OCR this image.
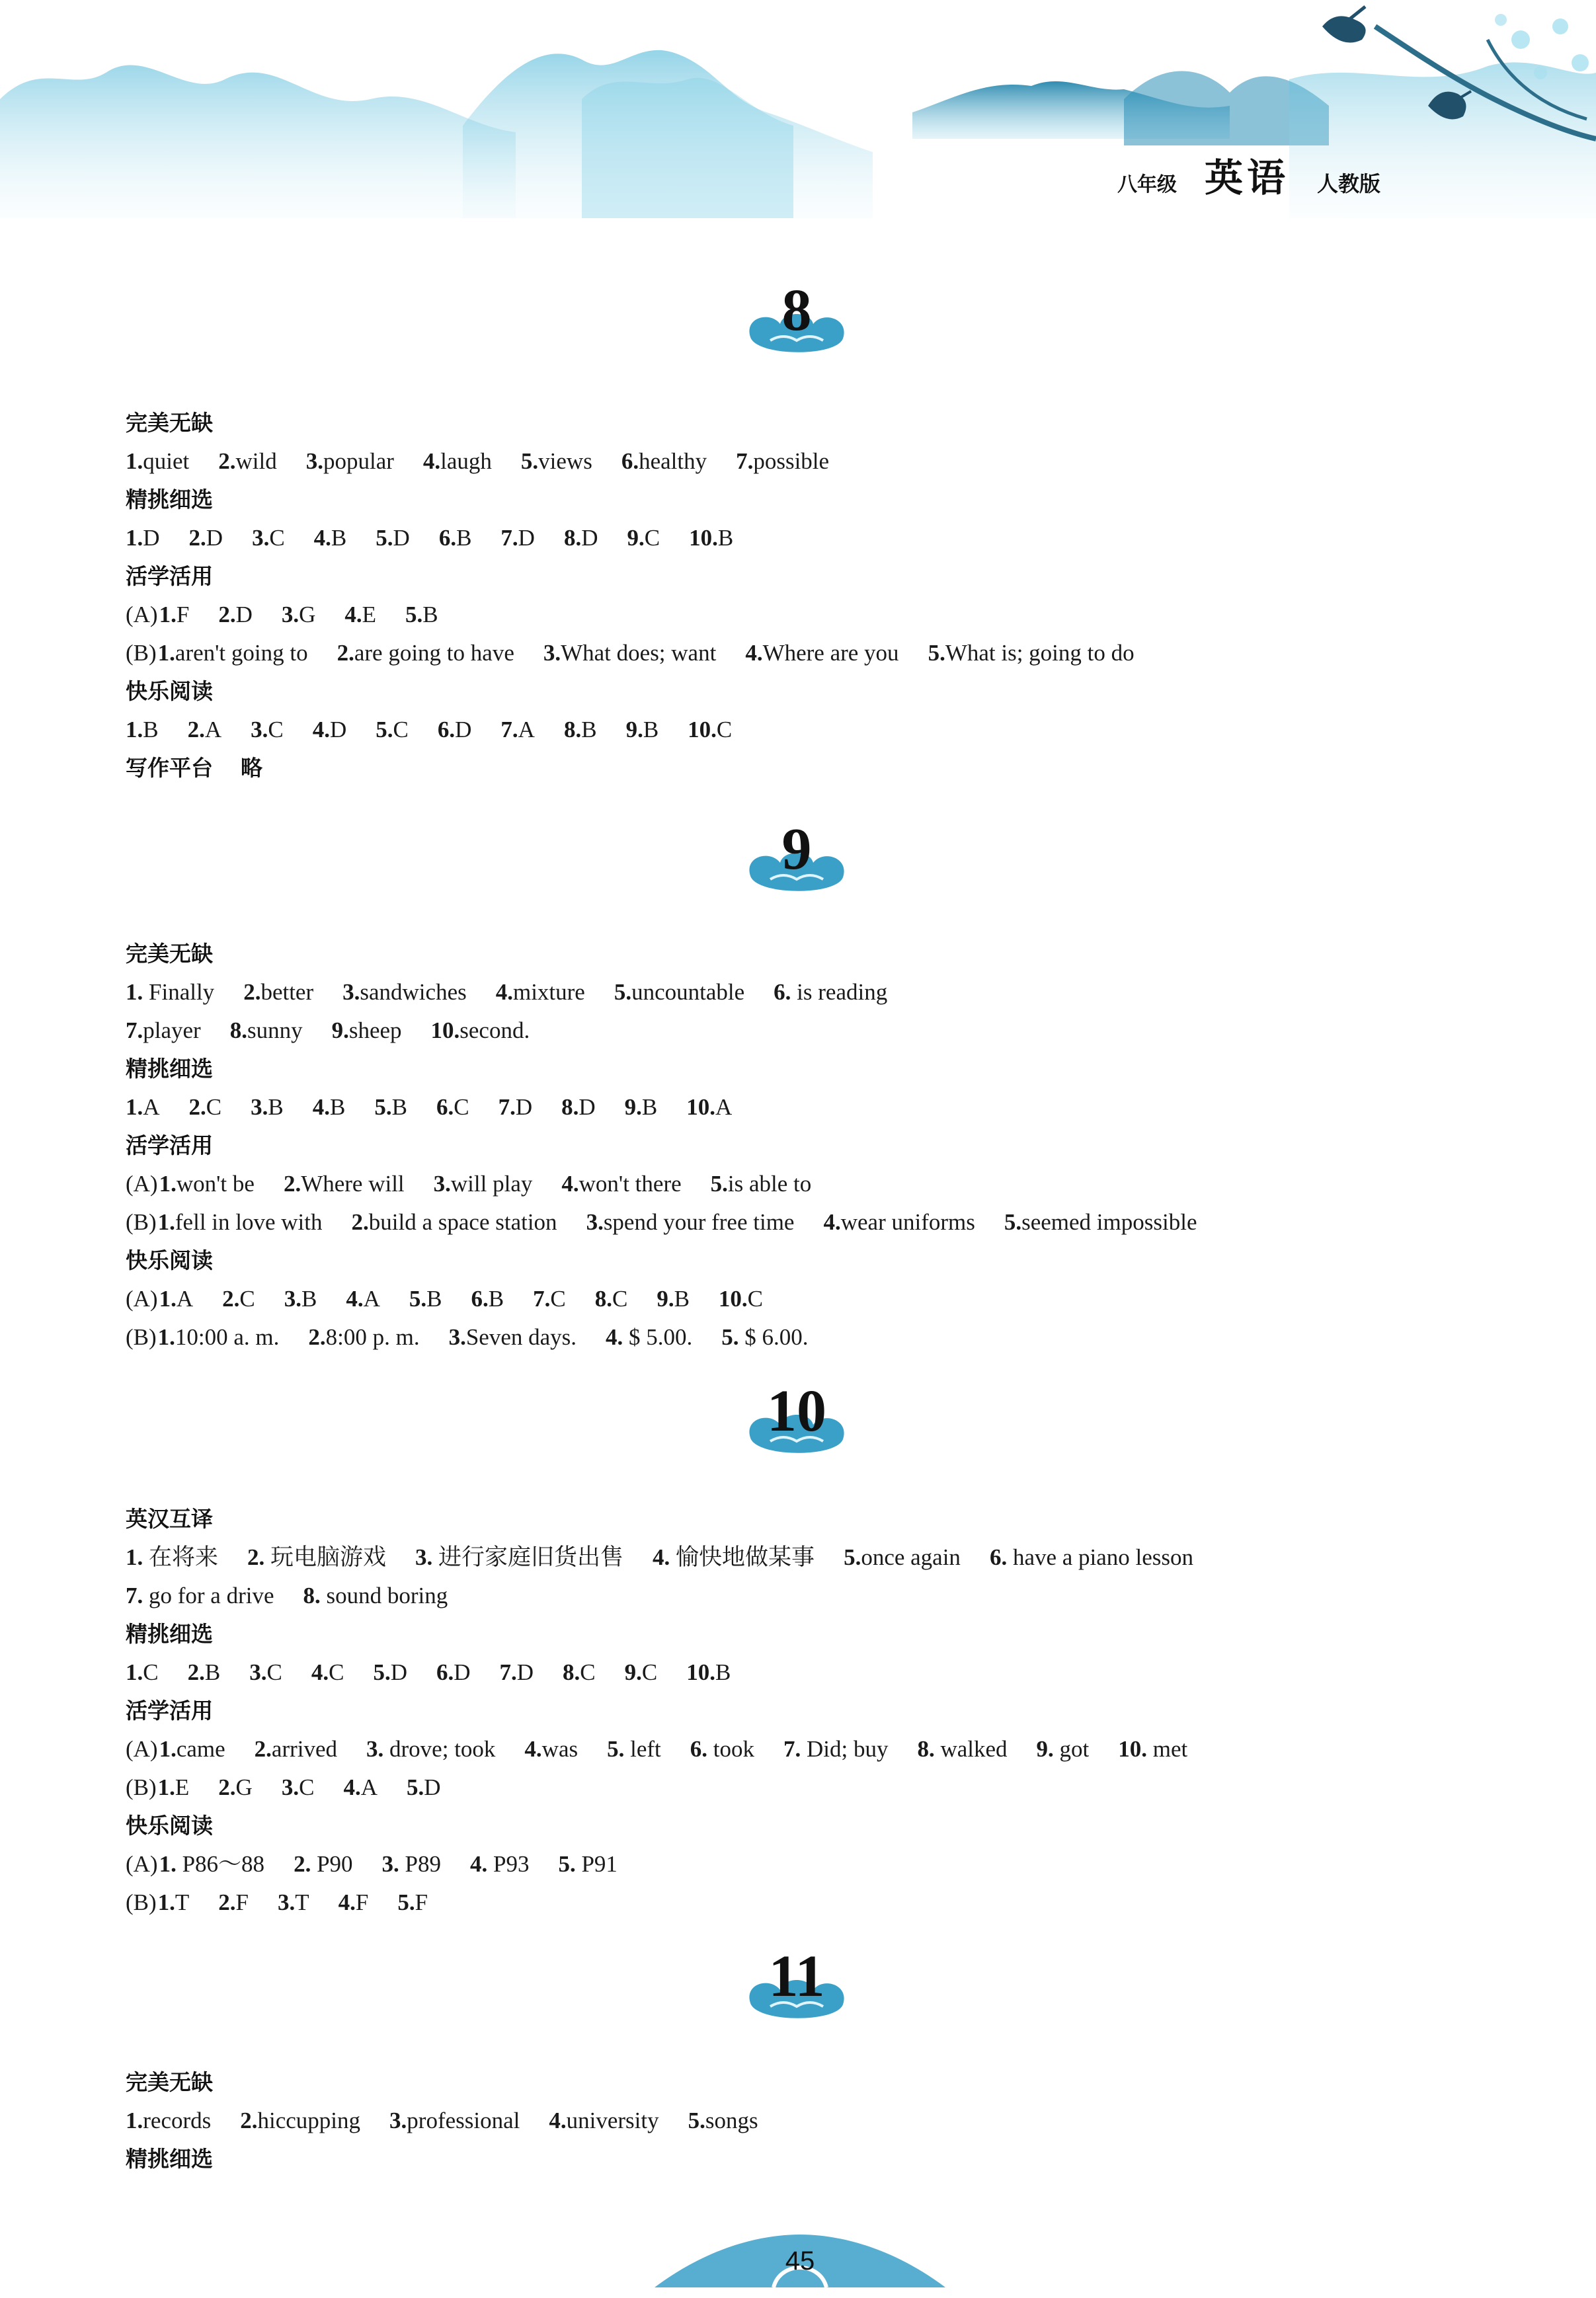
八年级 英语 人教版
8
9
10
11
完美无缺
1.quiet 2.wild 3.popular 4.laugh 5.views 6.healthy 7.possible
精挑细选
1.D 2.D 3.C 4.B 5.D 6.B 7.D 8.D 9.C 10.B
活学活用
(A) 1.F 2.D 3.G 4.E 5.B
(B) 1.aren't going to 2.are going to have 3.What does; want 4.Where are you 5.What is; going to do
快乐阅读
1.B 2.A 3.C 4.D 5.C 6.D 7.A 8.B 9.B 10.C
写作平台 略
完美无缺
1. Finally 2.better 3.sandwiches 4.mixture 5.uncountable 6. is reading
7.player 8.sunny 9.sheep 10.second.
精挑细选
1.A 2.C 3.B 4.B 5.B 6.C 7.D 8.D 9.B 10.A
活学活用
(A) 1.won't be 2.Where will 3.will play 4.won't there 5.is able to
(B) 1.fell in love with 2.build a space station 3.spend your free time 4.wear uniforms 5.seemed impossible
快乐阅读
(A) 1.A 2.C 3.B 4.A 5.B 6.B 7.C 8.C 9.B 10.C
(B) 1.10:00 a. m. 2.8:00 p. m. 3.Seven days. 4. $ 5.00. 5. $ 6.00.
英汉互译
1. 在将来 2. 玩电脑游戏 3. 进行家庭旧货出售 4. 愉快地做某事 5.once again 6. have a piano lesson
7. go for a drive 8. sound boring
精挑细选
1.C 2.B 3.C 4.C 5.D 6.D 7.D 8.C 9.C 10.B
活学活用
(A) 1.came 2.arrived 3. drove; took 4.was 5. left 6. took 7. Did; buy 8. walked 9. got 10. met
(B) 1.E 2.G 3.C 4.A 5.D
快乐阅读
(A) 1. P86～88 2. P90 3. P89 4. P93 5. P91
(B) 1.T 2.F 3.T 4.F 5.F
完美无缺
1.records 2.hiccupping 3.professional 4.university 5.songs
精挑细选
45
